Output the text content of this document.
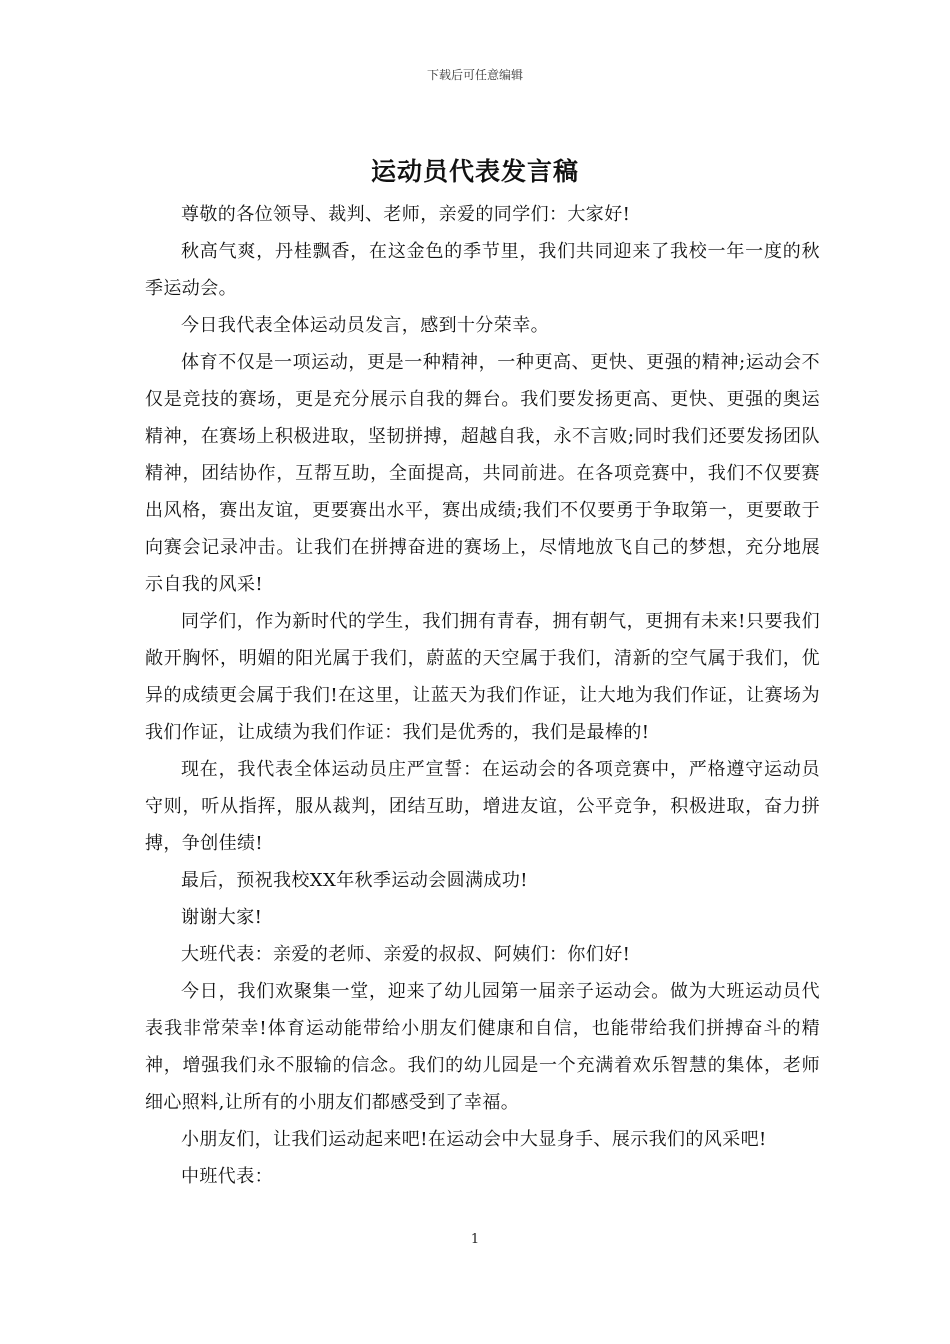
下载后可任意编辑
运动员代表发言稿

尊敬的各位领导、裁判、老师，亲爱的同学们：大家好!

秋高气爽，丹桂飘香，在这金色的季节里，我们共同迎来了我校一年一度的秋季运动会。

今日我代表全体运动员发言，感到十分荣幸。

体育不仅是一项运动，更是一种精神，一种更高、更快、更强的精神;运动会不仅是竞技的赛场，更是充分展示自我的舞台。我们要发扬更高、更快、更强的奥运精神，在赛场上积极进取，坚韧拼搏，超越自我，永不言败;同时我们还要发扬团队精神，团结协作，互帮互助，全面提高，共同前进。在各项竞赛中，我们不仅要赛出风格，赛出友谊，更要赛出水平，赛出成绩;我们不仅要勇于争取第一，更要敢于向赛会记录冲击。让我们在拼搏奋进的赛场上，尽情地放飞自己的梦想，充分地展示自我的风采!

同学们，作为新时代的学生，我们拥有青春，拥有朝气，更拥有未来!只要我们敞开胸怀，明媚的阳光属于我们，蔚蓝的天空属于我们，清新的空气属于我们，优异的成绩更会属于我们!在这里，让蓝天为我们作证，让大地为我们作证，让赛场为我们作证，让成绩为我们作证：我们是优秀的，我们是最棒的!

现在，我代表全体运动员庄严宣誓：在运动会的各项竞赛中，严格遵守运动员守则，听从指挥，服从裁判，团结互助，增进友谊，公平竞争，积极进取，奋力拼搏，争创佳绩!

最后，预祝我校XX年秋季运动会圆满成功!

谢谢大家!

大班代表：亲爱的老师、亲爱的叔叔、阿姨们：你们好!

今日，我们欢聚集一堂，迎来了幼儿园第一届亲子运动会。做为大班运动员代表我非常荣幸!体育运动能带给小朋友们健康和自信，也能带给我们拼搏奋斗的精神，增强我们永不服输的信念。我们的幼儿园是一个充满着欢乐智慧的集体，老师细心照料,让所有的小朋友们都感受到了幸福。

小朋友们，让我们运动起来吧!在运动会中大显身手、展示我们的风采吧!

中班代表：

1
